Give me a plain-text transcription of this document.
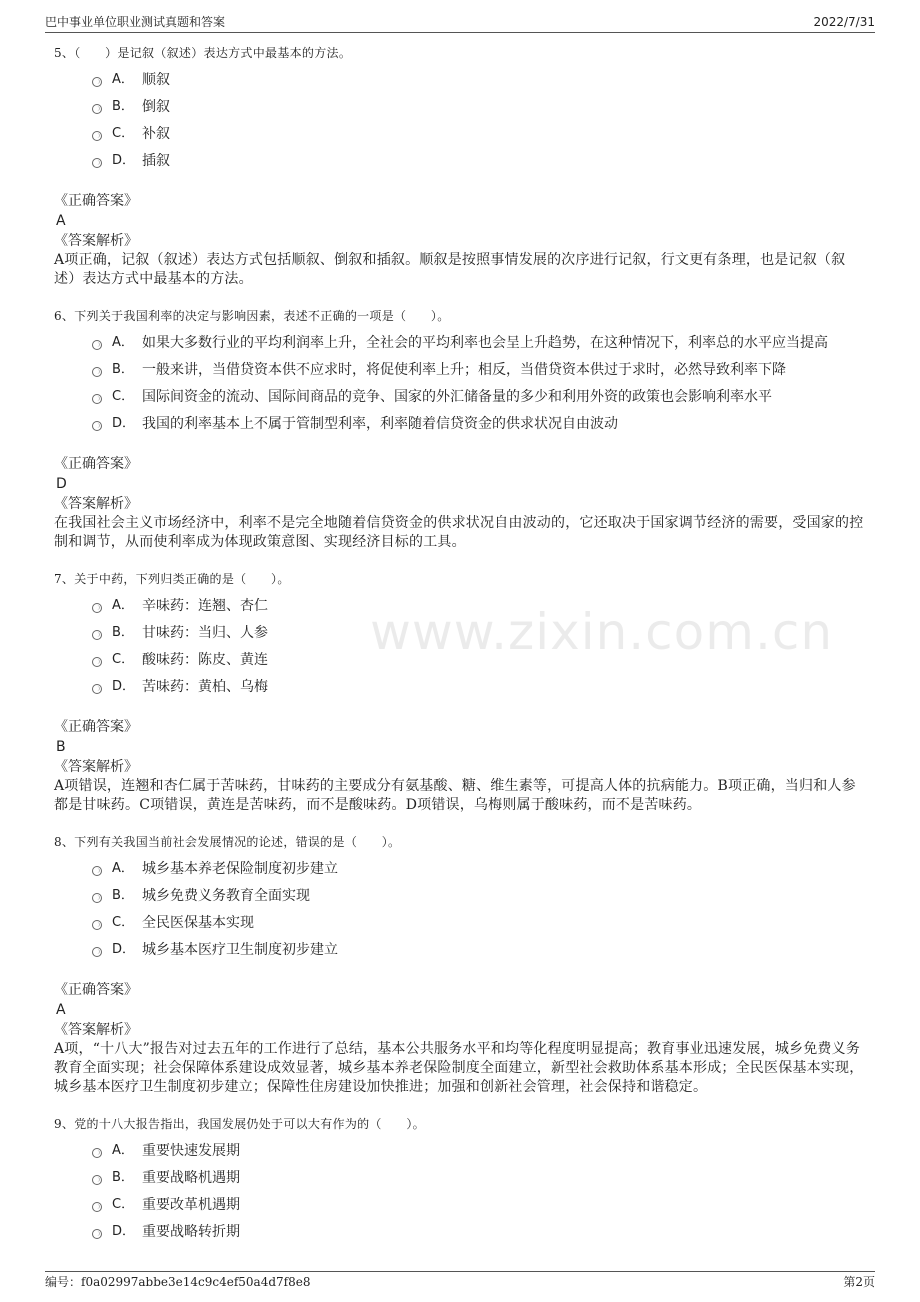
巴中事业单位职业测试真题和答案	2022/7/31
www.zixin.com.cn
5、（　　）是记叙（叙述）表达方式中最基本的方法。
A． 顺叙
B． 倒叙
C． 补叙
D． 插叙
《正确答案》
A
《答案解析》
A项正确，记叙（叙述）表达方式包括顺叙、倒叙和插叙。顺叙是按照事情发展的次序进行记叙，行文更有条理，也是记叙（叙述）表达方式中最基本的方法。
6、下列关于我国利率的决定与影响因素，表述不正确的一项是（　　）。
A． 如果大多数行业的平均利润率上升，全社会的平均利率也会呈上升趋势，在这种情况下，利率总的水平应当提高
B． 一般来讲，当借贷资本供不应求时，将促使利率上升；相反，当借贷资本供过于求时，必然导致利率下降
C． 国际间资金的流动、国际间商品的竞争、国家的外汇储备量的多少和利用外资的政策也会影响利率水平
D． 我国的利率基本上不属于管制型利率，利率随着信贷资金的供求状况自由波动
《正确答案》
D
《答案解析》
在我国社会主义市场经济中，利率不是完全地随着信贷资金的供求状况自由波动的，它还取决于国家调节经济的需要，受国家的控制和调节，从而使利率成为体现政策意图、实现经济目标的工具。
7、关于中药，下列归类正确的是（　　）。
A． 辛味药：连翘、杏仁
B． 甘味药：当归、人参
C． 酸味药：陈皮、黄连
D． 苦味药：黄柏、乌梅
《正确答案》
B
《答案解析》
A项错误，连翘和杏仁属于苦味药，甘味药的主要成分有氨基酸、糖、维生素等，可提高人体的抗病能力。B项正确，当归和人参都是甘味药。C项错误，黄连是苦味药，而不是酸味药。D项错误，乌梅则属于酸味药，而不是苦味药。
8、下列有关我国当前社会发展情况的论述，错误的是（　　）。
A． 城乡基本养老保险制度初步建立
B． 城乡免费义务教育全面实现
C． 全民医保基本实现
D． 城乡基本医疗卫生制度初步建立
《正确答案》
A
《答案解析》
A项，“十八大”报告对过去五年的工作进行了总结，基本公共服务水平和均等化程度明显提高；教育事业迅速发展，城乡免费义务教育全面实现；社会保障体系建设成效显著，城乡基本养老保险制度全面建立，新型社会救助体系基本形成；全民医保基本实现，城乡基本医疗卫生制度初步建立；保障性住房建设加快推进；加强和创新社会管理，社会保持和谐稳定。
9、党的十八大报告指出，我国发展仍处于可以大有作为的（　　）。
A． 重要快速发展期
B． 重要战略机遇期
C． 重要改革机遇期
D． 重要战略转折期
编号：f0a02997abbe3e14c9c4ef50a4d7f8e8	第2页
